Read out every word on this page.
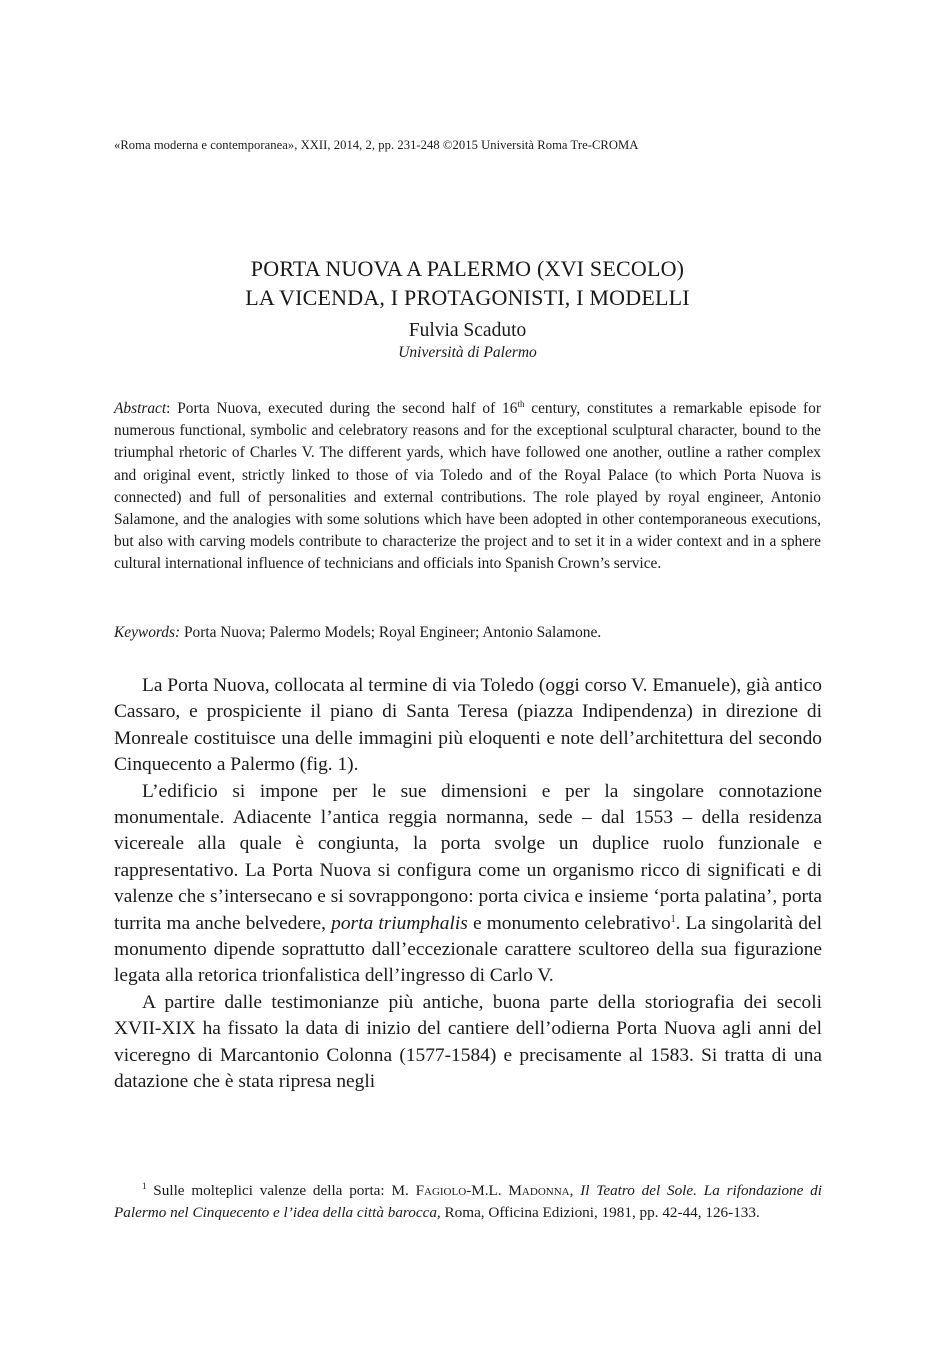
«Roma moderna e contemporanea», XXII, 2014, 2, pp. 231-248 ©2015 Università Roma Tre-CROMA
PORTA NUOVA A PALERMO (XVI SECOLO)
LA VICENDA, I PROTAGONISTI, I MODELLI
Fulvia Scaduto
Università di Palermo

Abstract: Porta Nuova, executed during the second half of 16th century, constitutes a remarkable episode for numerous functional, symbolic and celebratory reasons and for the exceptional sculptural character, bound to the triumphal rhetoric of Charles V. The different yards, which have followed one another, outline a rather complex and original event, strictly linked to those of via Toledo and of the Royal Palace (to which Porta Nuova is connected) and full of personalities and external contributions. The role played by royal engineer, Antonio Salamone, and the analogies with some solutions which have been adopted in other contemporaneous executions, but also with carving models contribute to characterize the project and to set it in a wider context and in a sphere cultural international influence of technicians and officials into Spanish Crown’s service.

Keywords: Porta Nuova; Palermo Models; Royal Engineer; Antonio Salamone.

La Porta Nuova, collocata al termine di via Toledo (oggi corso V. Emanuele), già antico Cassaro, e prospiciente il piano di Santa Teresa (piazza Indipendenza) in direzione di Monreale costituisce una delle immagini più eloquenti e note dell’architettura del secondo Cinquecento a Palermo (fig. 1).

L’edificio si impone per le sue dimensioni e per la singolare connotazione monumentale. Adiacente l’antica reggia normanna, sede – dal 1553 – della residenza vicereale alla quale è congiunta, la porta svolge un duplice ruolo funzionale e rappresentativo. La Porta Nuova si configura come un organismo ricco di significati e di valenze che s’intersecano e si sovrappongono: porta civica e insieme ‘porta palatina’, porta turrita ma anche belvedere, porta triumphalis e monumento celebrativo$^1$. La singolarità del monumento dipende soprattutto dall’eccezionale carattere scultoreo della sua figurazione legata alla retorica trionfalistica dell’ingresso di Carlo V.

A partire dalle testimonianze più antiche, buona parte della storiografia dei secoli XVII-XIX ha fissato la data di inizio del cantiere dell’odierna Porta Nuova agli anni del viceregno di Marcantonio Colonna (1577-1584) e precisamente al 1583. Si tratta di una datazione che è stata ripresa negli

$^1$ Sulle molteplici valenze della porta: M. Fagiolo-M.L. Madonna, Il Teatro del Sole. La rifondazione di Palermo nel Cinquecento e l’idea della città barocca, Roma, Officina Edizioni, 1981, pp. 42-44, 126-133.
